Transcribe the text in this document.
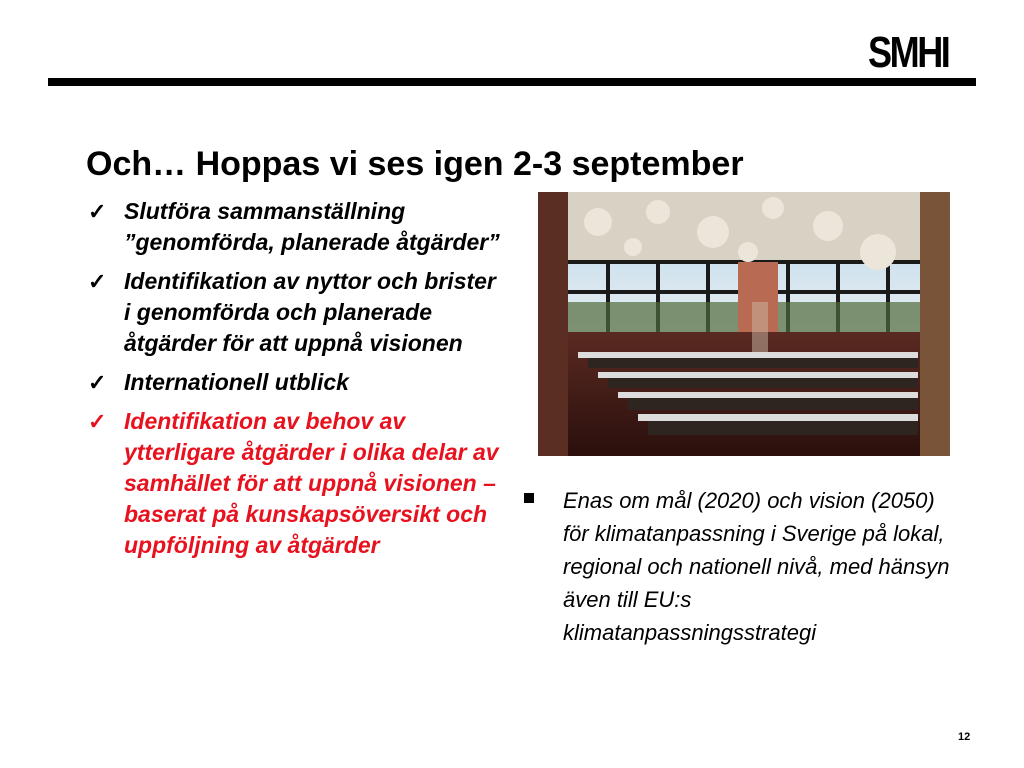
SMHI
Och… Hoppas vi ses igen 2-3 september
✓ Slutföra sammanställning ”genomförda, planerade åtgärder”
✓ Identifikation av nyttor och brister i genomförda och planerade åtgärder för att uppnå visionen
✓ Internationell utblick
✓ Identifikation av behov av ytterligare åtgärder i olika delar av samhället för att uppnå visionen – baserat på kunskapsöversikt och uppföljning av åtgärder
Enas om mål (2020) och vision (2050) för klimatanpassning i Sverige på lokal, regional och nationell nivå, med hänsyn även till EU:s klimatanpassningsstrategi
12
